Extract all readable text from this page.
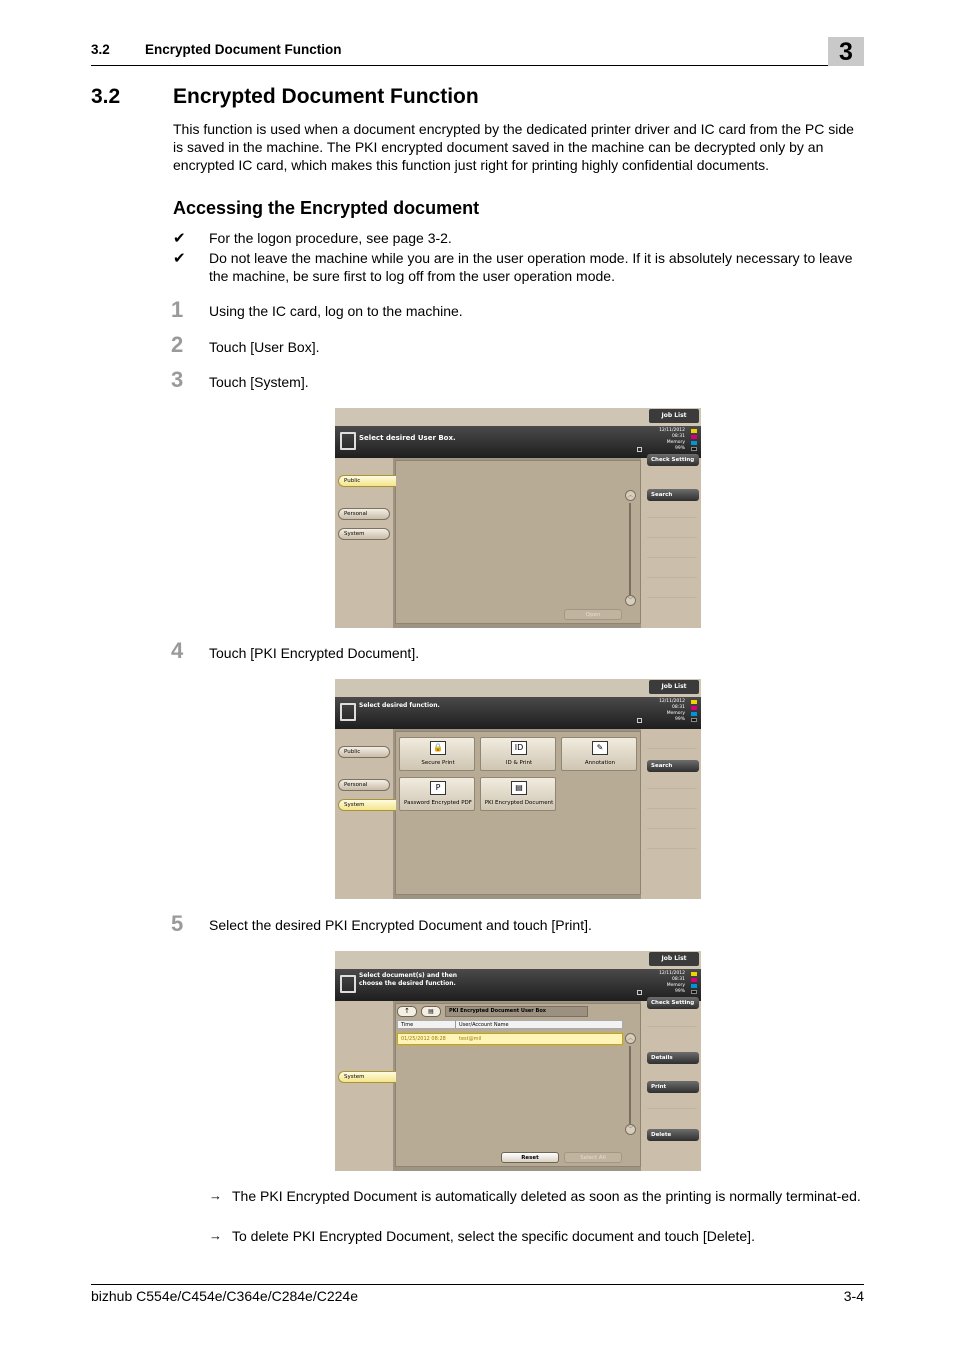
3.2	Encrypted Document Function	3
3.2	Encrypted Document Function
This function is used when a document encrypted by the dedicated printer driver and IC card from the PC side is saved in the machine. The PKI encrypted document saved in the machine can be decrypted only by an encrypted IC card, which makes this function just right for printing highly confidential documents.
Accessing the Encrypted document
✔ For the logon procedure, see page 3-2.
✔ Do not leave the machine while you are in the user operation mode. If it is absolutely necessary to leave the machine, be sure first to log off from the user operation mode.
1 Using the IC card, log on to the machine.
2 Touch [User Box].
3 Touch [System].
Job List
Select desired User Box.
12/11/2012
08:31
Memory
99%
Public
Personal
System
Check Setting
Search
︿
﹀
Open
4 Touch [PKI Encrypted Document].
Job List
Select desired function.
12/11/2012
08:31
Memory
99%
Public
Personal
System
Search
🔒
Secure Print
ID
ID & Print
✎
Annotation
P
Password Encrypted PDF
▤
PKI Encrypted Document
5 Select the desired PKI Encrypted Document and touch [Print].
Job List
Select document(s) and then
choose the desired function.
12/11/2012
08:31
Memory
99%
System
Check Setting
Details
Print
Delete
↑	▤	PKI Encrypted Document User Box
Time	User/Account Name
01/25/2012 08:28	test@mil	︿
﹀
Reset	Select All
→ The PKI Encrypted Document is automatically deleted as soon as the printing is normally terminat-ed.
→ To delete PKI Encrypted Document, select the specific document and touch [Delete].
bizhub C554e/C454e/C364e/C284e/C224e	3-4
